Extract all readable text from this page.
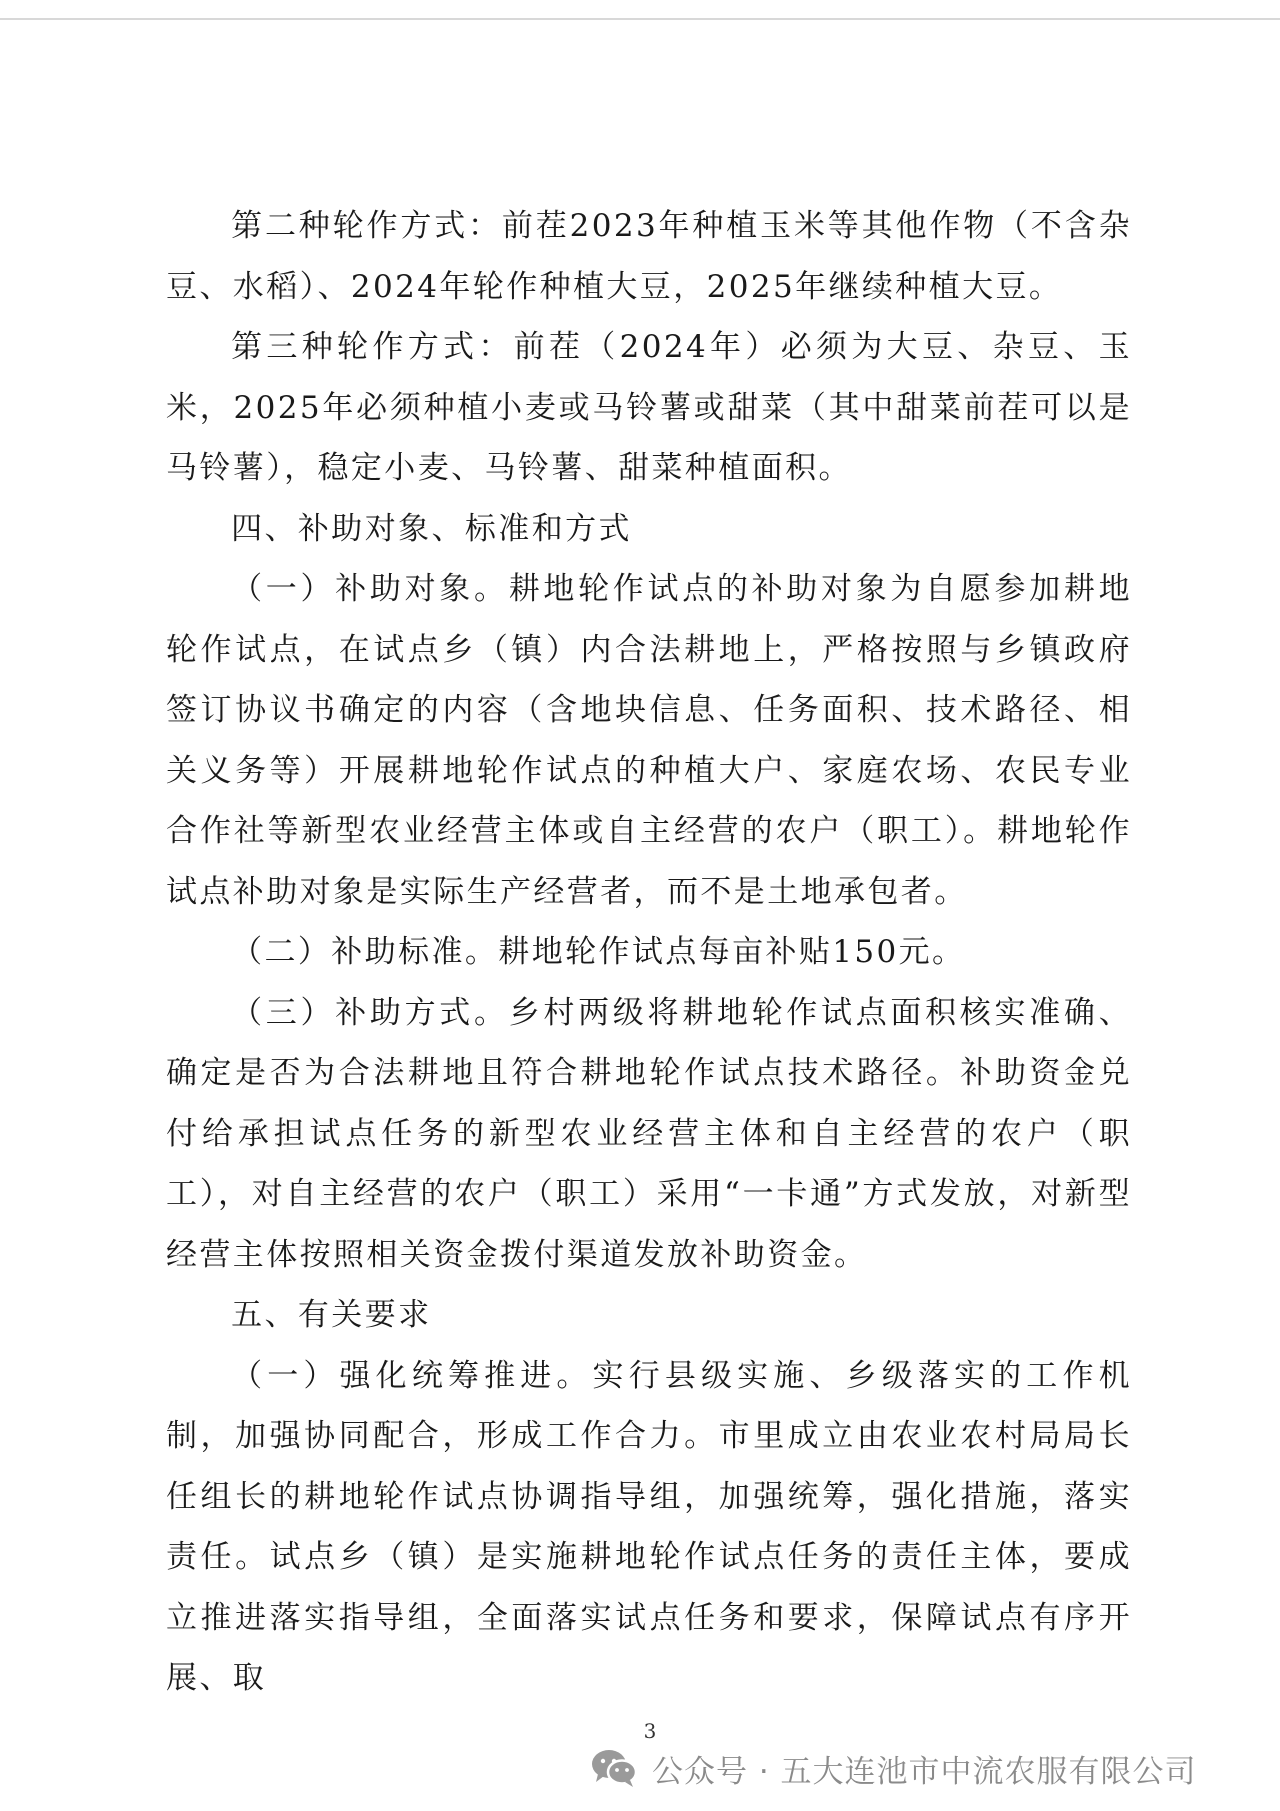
第二种轮作方式：前茬2023年种植玉米等其他作物（不含杂豆、水稻）、2024年轮作种植大豆，2025年继续种植大豆。

第三种轮作方式：前茬（2024年）必须为大豆、杂豆、玉米，2025年必须种植小麦或马铃薯或甜菜（其中甜菜前茬可以是马铃薯），稳定小麦、马铃薯、甜菜种植面积。

四、补助对象、标准和方式

（一）补助对象。耕地轮作试点的补助对象为自愿参加耕地轮作试点，在试点乡（镇）内合法耕地上，严格按照与乡镇政府签订协议书确定的内容（含地块信息、任务面积、技术路径、相关义务等）开展耕地轮作试点的种植大户、家庭农场、农民专业合作社等新型农业经营主体或自主经营的农户（职工）。耕地轮作试点补助对象是实际生产经营者，而不是土地承包者。

（二）补助标准。耕地轮作试点每亩补贴150元。

（三）补助方式。乡村两级将耕地轮作试点面积核实准确、确定是否为合法耕地且符合耕地轮作试点技术路径。补助资金兑付给承担试点任务的新型农业经营主体和自主经营的农户（职工），对自主经营的农户（职工）采用“一卡通”方式发放，对新型经营主体按照相关资金拨付渠道发放补助资金。

五、有关要求

（一）强化统筹推进。实行县级实施、乡级落实的工作机制，加强协同配合，形成工作合力。市里成立由农业农村局局长任组长的耕地轮作试点协调指导组，加强统筹，强化措施，落实责任。试点乡（镇）是实施耕地轮作试点任务的责任主体，要成立推进落实指导组，全面落实试点任务和要求，保障试点有序开展、取

3
公众号 · 五大连池市中流农服有限公司
